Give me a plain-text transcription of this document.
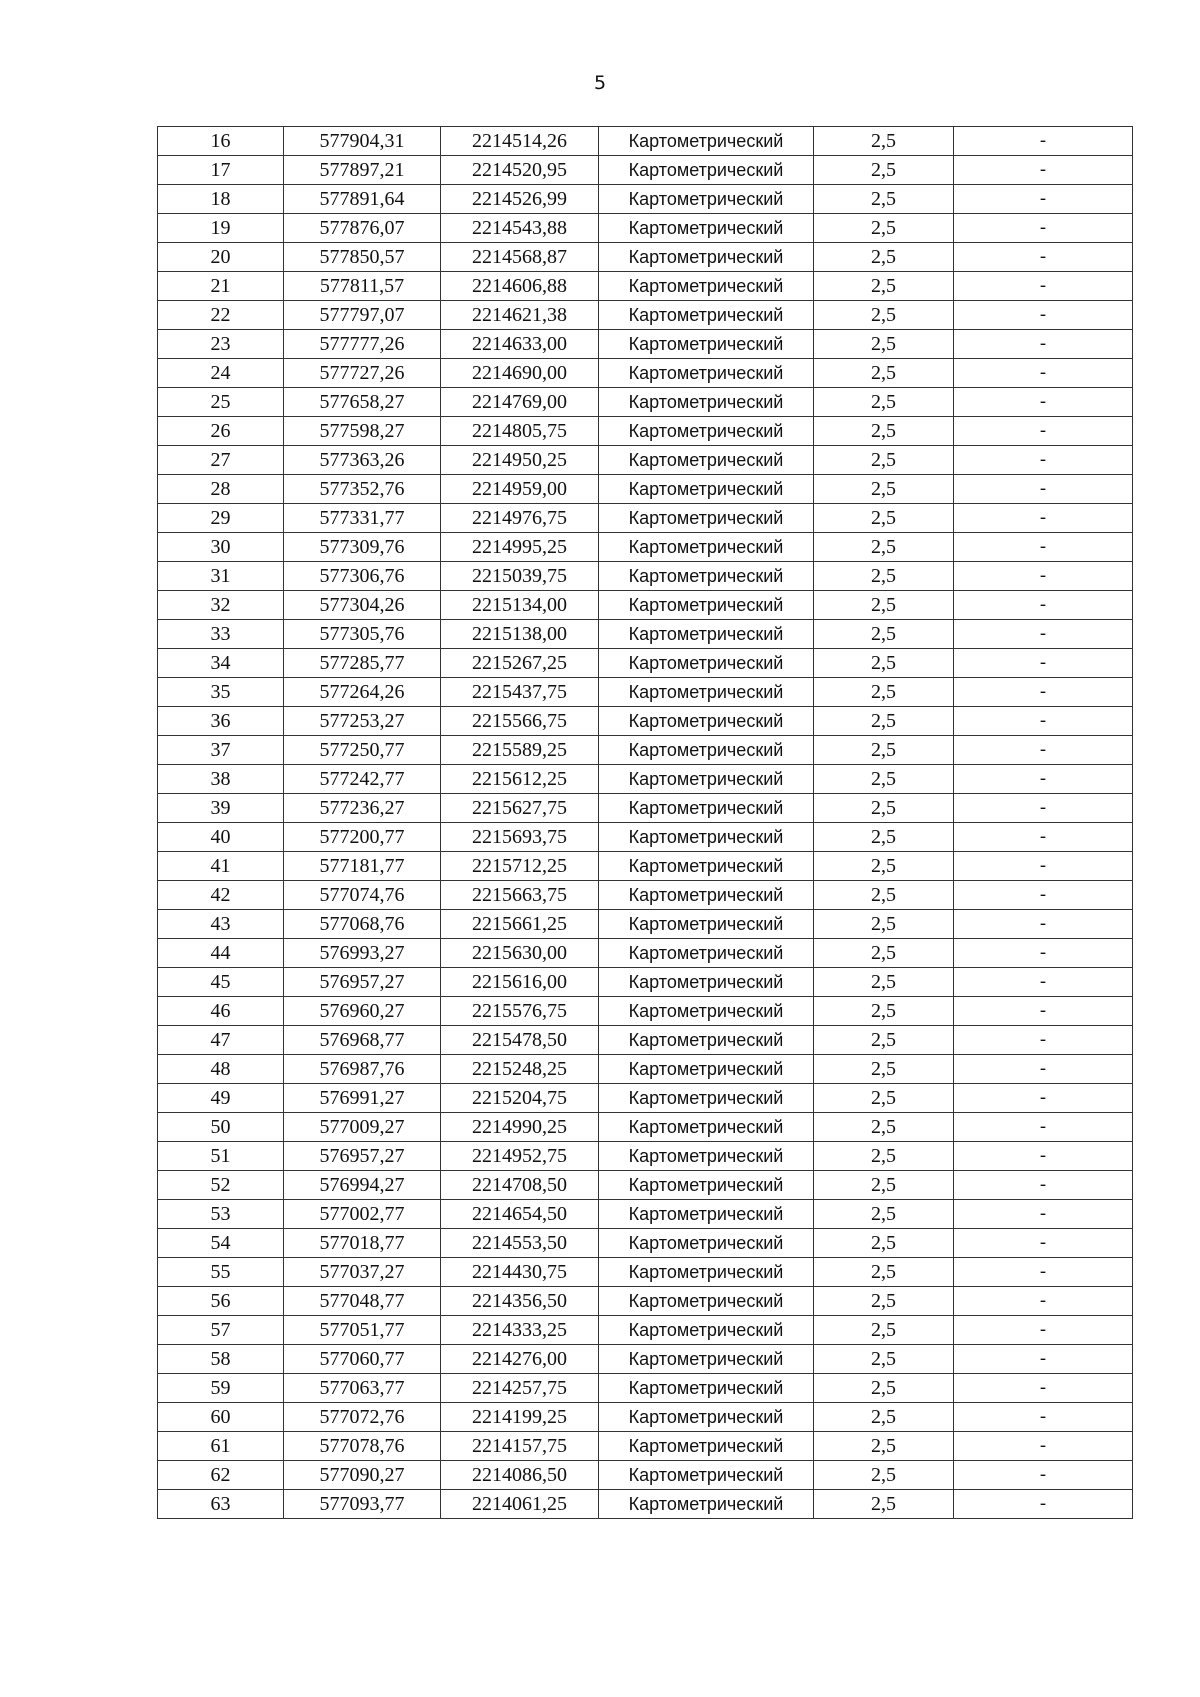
5
16	577904,31	2214514,26	Картометрический	2,5	-
17	577897,21	2214520,95	Картометрический	2,5	-
18	577891,64	2214526,99	Картометрический	2,5	-
19	577876,07	2214543,88	Картометрический	2,5	-
20	577850,57	2214568,87	Картометрический	2,5	-
21	577811,57	2214606,88	Картометрический	2,5	-
22	577797,07	2214621,38	Картометрический	2,5	-
23	577777,26	2214633,00	Картометрический	2,5	-
24	577727,26	2214690,00	Картометрический	2,5	-
25	577658,27	2214769,00	Картометрический	2,5	-
26	577598,27	2214805,75	Картометрический	2,5	-
27	577363,26	2214950,25	Картометрический	2,5	-
28	577352,76	2214959,00	Картометрический	2,5	-
29	577331,77	2214976,75	Картометрический	2,5	-
30	577309,76	2214995,25	Картометрический	2,5	-
31	577306,76	2215039,75	Картометрический	2,5	-
32	577304,26	2215134,00	Картометрический	2,5	-
33	577305,76	2215138,00	Картометрический	2,5	-
34	577285,77	2215267,25	Картометрический	2,5	-
35	577264,26	2215437,75	Картометрический	2,5	-
36	577253,27	2215566,75	Картометрический	2,5	-
37	577250,77	2215589,25	Картометрический	2,5	-
38	577242,77	2215612,25	Картометрический	2,5	-
39	577236,27	2215627,75	Картометрический	2,5	-
40	577200,77	2215693,75	Картометрический	2,5	-
41	577181,77	2215712,25	Картометрический	2,5	-
42	577074,76	2215663,75	Картометрический	2,5	-
43	577068,76	2215661,25	Картометрический	2,5	-
44	576993,27	2215630,00	Картометрический	2,5	-
45	576957,27	2215616,00	Картометрический	2,5	-
46	576960,27	2215576,75	Картометрический	2,5	-
47	576968,77	2215478,50	Картометрический	2,5	-
48	576987,76	2215248,25	Картометрический	2,5	-
49	576991,27	2215204,75	Картометрический	2,5	-
50	577009,27	2214990,25	Картометрический	2,5	-
51	576957,27	2214952,75	Картометрический	2,5	-
52	576994,27	2214708,50	Картометрический	2,5	-
53	577002,77	2214654,50	Картометрический	2,5	-
54	577018,77	2214553,50	Картометрический	2,5	-
55	577037,27	2214430,75	Картометрический	2,5	-
56	577048,77	2214356,50	Картометрический	2,5	-
57	577051,77	2214333,25	Картометрический	2,5	-
58	577060,77	2214276,00	Картометрический	2,5	-
59	577063,77	2214257,75	Картометрический	2,5	-
60	577072,76	2214199,25	Картометрический	2,5	-
61	577078,76	2214157,75	Картометрический	2,5	-
62	577090,27	2214086,50	Картометрический	2,5	-
63	577093,77	2214061,25	Картометрический	2,5	-
